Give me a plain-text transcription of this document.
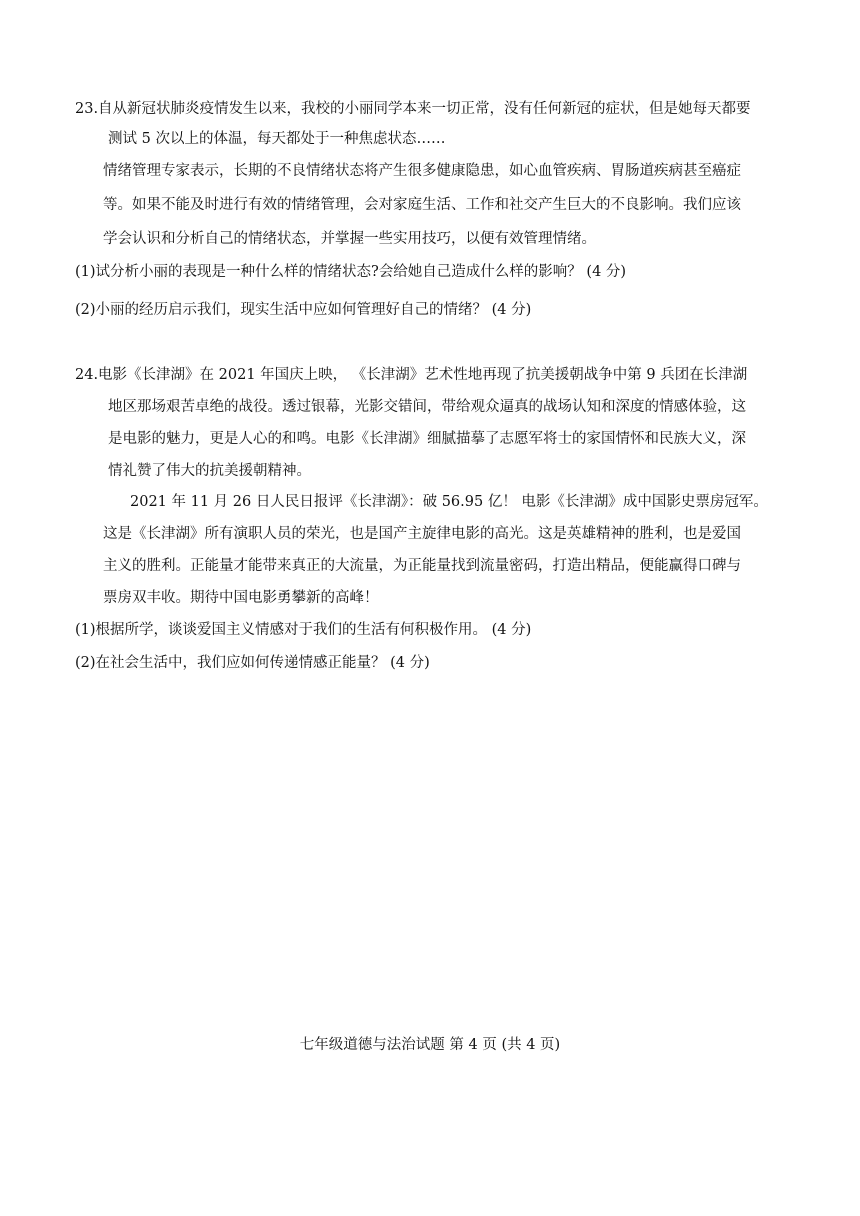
23.自从新冠状肺炎疫情发生以来，我校的小丽同学本来一切正常，没有任何新冠的症状，但是她每天都要
测试 5 次以上的体温，每天都处于一种焦虑状态……
情绪管理专家表示，长期的不良情绪状态将产生很多健康隐患，如心血管疾病、胃肠道疾病甚至癌症
等。如果不能及时进行有效的情绪管理，会对家庭生活、工作和社交产生巨大的不良影响。我们应该
学会认识和分析自己的情绪状态，并掌握一些实用技巧，以便有效管理情绪。
(1)试分析小丽的表现是一种什么样的情绪状态?会给她自己造成什么样的影响？ (4 分)
(2)小丽的经历启示我们，现实生活中应如何管理好自己的情绪？ (4 分)
24.电影《长津湖》在 2021 年国庆上映， 《长津湖》艺术性地再现了抗美援朝战争中第 9 兵团在长津湖
地区那场艰苦卓绝的战役。透过银幕，光影交错间，带给观众逼真的战场认知和深度的情感体验，这
是电影的魅力，更是人心的和鸣。电影《长津湖》细腻描摹了志愿军将士的家国情怀和民族大义，深
情礼赞了伟大的抗美援朝精神。
2021 年 11 月 26 日人民日报评《长津湖》：破 56.95 亿！ 电影《长津湖》成中国影史票房冠军。
这是《长津湖》所有演职人员的荣光，也是国产主旋律电影的高光。这是英雄精神的胜利，也是爱国
主义的胜利。正能量才能带来真正的大流量，为正能量找到流量密码，打造出精品，便能赢得口碑与
票房双丰收。期待中国电影勇攀新的高峰！
(1)根据所学，谈谈爱国主义情感对于我们的生活有何积极作用。 (4 分)
(2)在社会生活中，我们应如何传递情感正能量？ (4 分)
七年级道德与法治试题 第 4 页 (共 4 页)
